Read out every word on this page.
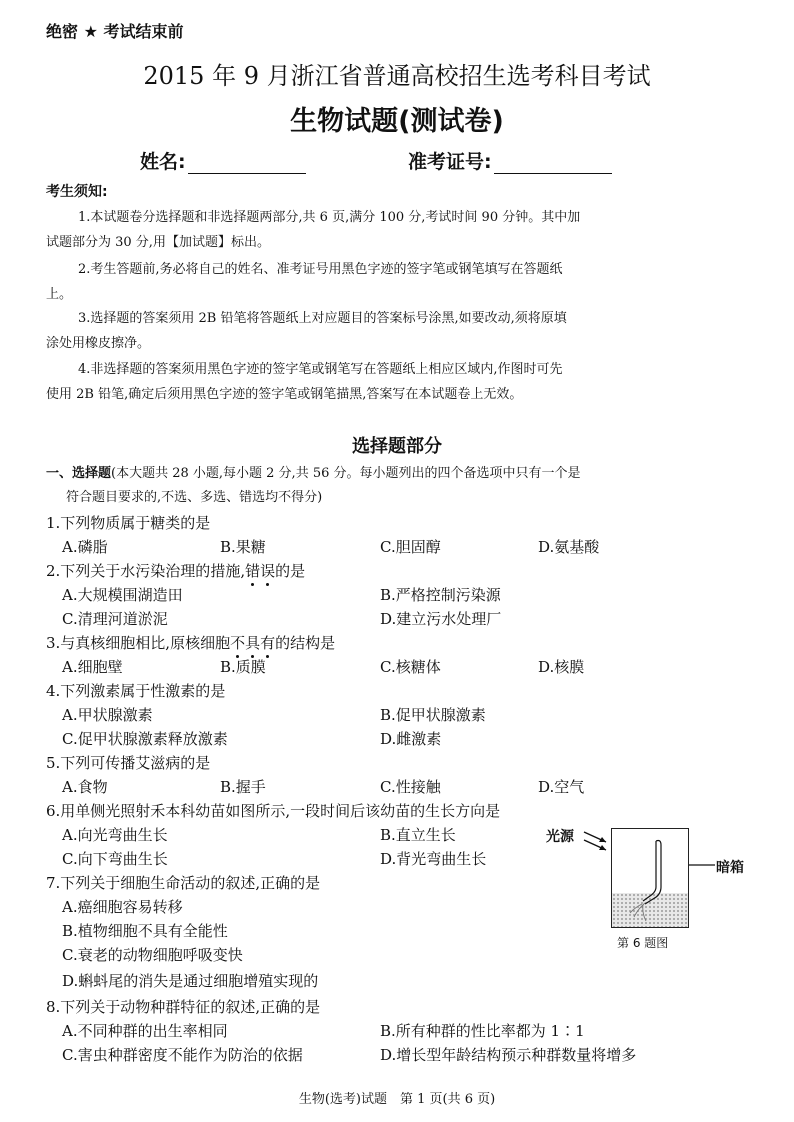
绝密 ★ 考试结束前
2015 年 9 月浙江省普通高校招生选考科目考试
生物试题(测试卷)
姓名:	准考证号:
考生须知:
1.本试题卷分选择题和非选择题两部分,共 6 页,满分 100 分,考试时间 90 分钟。其中加
试题部分为 30 分,用【加试题】标出。
2.考生答题前,务必将自己的姓名、准考证号用黑色字迹的签字笔或钢笔填写在答题纸
上。
3.选择题的答案须用 2B 铅笔将答题纸上对应题目的答案标号涂黑,如要改动,须将原填
涂处用橡皮擦净。
4.非选择题的答案须用黑色字迹的签字笔或钢笔写在答题纸上相应区域内,作图时可先
使用 2B 铅笔,确定后须用黑色字迹的签字笔或钢笔描黑,答案写在本试题卷上无效。
选择题部分
一、选择题(本大题共 28 小题,每小题 2 分,共 56 分。每小题列出的四个备选项中只有一个是
符合题目要求的,不选、多选、错选均不得分)
1.下列物质属于糖类的是
A.磷脂	B.果糖	C.胆固醇	D.氨基酸
2.下列关于水污染治理的措施,错误的是
A.大规模围湖造田	B.严格控制污染源
C.清理河道淤泥	D.建立污水处理厂
3.与真核细胞相比,原核细胞不具有的结构是
A.细胞壁	B.质膜	C.核糖体	D.核膜
4.下列激素属于性激素的是
A.甲状腺激素	B.促甲状腺激素
C.促甲状腺激素释放激素	D.雌激素
5.下列可传播艾滋病的是
A.食物	B.握手	C.性接触	D.空气
6.用单侧光照射禾本科幼苗如图所示,一段时间后该幼苗的生长方向是
A.向光弯曲生长	B.直立生长
C.向下弯曲生长	D.背光弯曲生长
7.下列关于细胞生命活动的叙述,正确的是
A.癌细胞容易转移
B.植物细胞不具有全能性
C.衰老的动物细胞呼吸变快
D.蝌蚪尾的消失是通过细胞增殖实现的
8.下列关于动物种群特征的叙述,正确的是
A.不同种群的出生率相同	B.所有种群的性比率都为 1∶1
C.害虫种群密度不能作为防治的依据	D.增长型年龄结构预示种群数量将增多
光源
暗箱
第 6 题图
生物(选考)试题　第 1 页(共 6 页)
